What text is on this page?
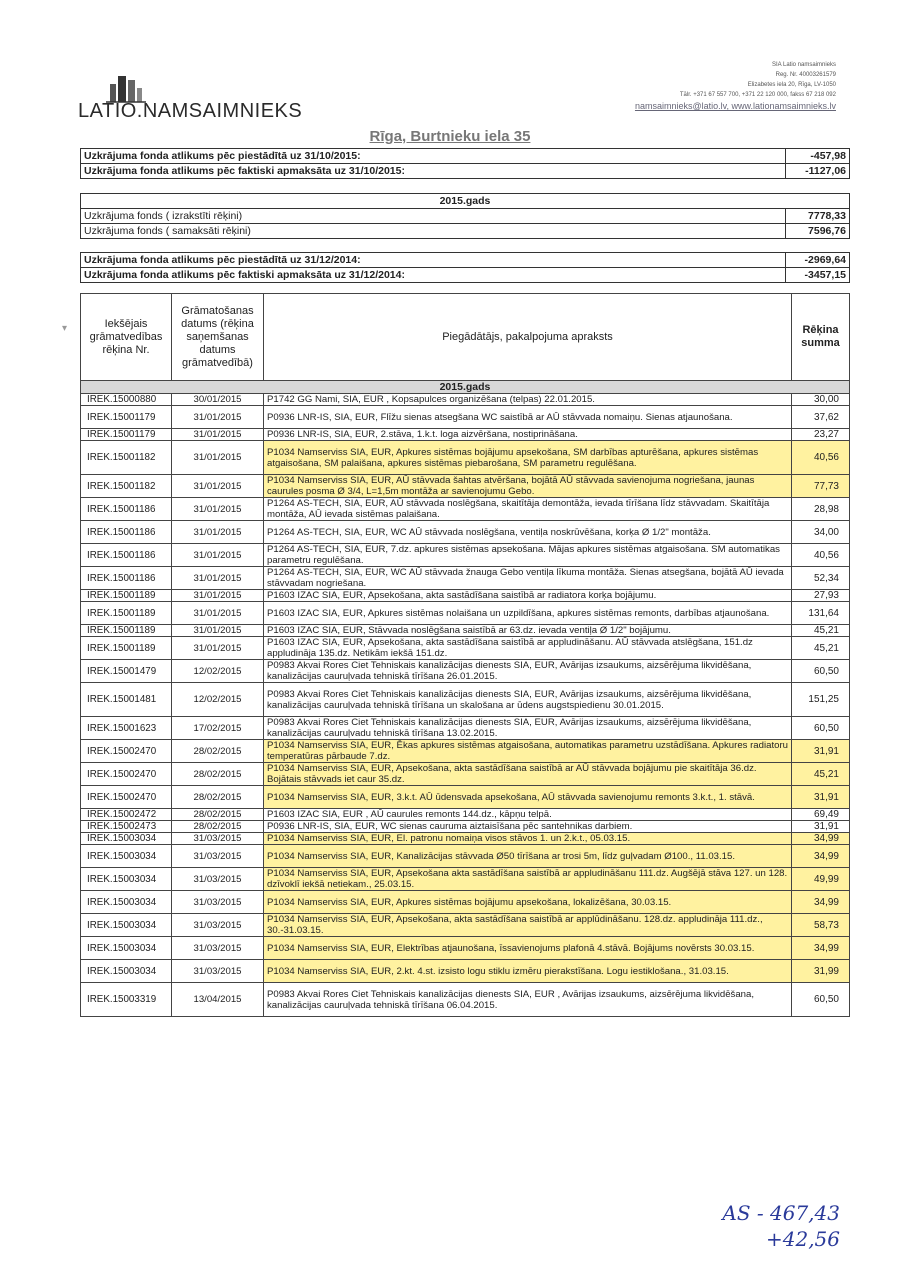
LATIO.NAMSAIMNIEKS
SIA Latio namsaimnieks
Reg. Nr. 40003261579
Elizabetes iela 20, Rīga, LV-1050
Tālr. +371 67 557 700, +371 22 120 000, fakss 67 218 092
namsaimnieks@latio.lv, www.lationamsaimnieks.lv
Rīga, Burtnieku iela 35
Uzkrājuma fonda atlikums pēc piestādītā uz 31/10/2015:	-457,98
Uzkrājuma fonda atlikums pēc faktiski apmaksāta uz 31/10/2015:	-1127,06
2015.gads
Uzkrājuma fonds ( izrakstīti rēķini)	7778,33
Uzkrājuma fonds ( samaksāti rēķini)	7596,76
Uzkrājuma fonda atlikums pēc piestādītā uz 31/12/2014:	-2969,64
Uzkrājuma fonda atlikums pēc faktiski apmaksāta uz 31/12/2014:	-3457,15
▾	Iekšējais grāmatvedības rēķina Nr.	Grāmatošanas datums (rēķina saņemšanas datums grāmatvedībā)	Piegādātājs, pakalpojuma apraksts	Rēķina summa
2015.gads			
IREK.15000880	30/01/2015	P1742 GG Nami, SIA, EUR , Kopsapulces organizēšana (telpas) 22.01.2015.	30,00
IREK.15001179	31/01/2015	P0936 LNR-IS, SIA, EUR, Flīžu sienas atsegšana WC saistībā ar AŪ stāvvada nomaiņu. Sienas atjaunošana.	37,62
IREK.15001179	31/01/2015	P0936 LNR-IS, SIA, EUR, 2.stāva, 1.k.t. loga aizvēršana, nostiprināšana.	23,27
IREK.15001182	31/01/2015	P1034 Namserviss SIA, EUR, Apkures sistēmas bojājumu apsekošana, SM darbības apturēšana, apkures sistēmas atgaisošana, SM palaišana, apkures sistēmas piebarošana, SM parametru regulēšana.	40,56
IREK.15001182	31/01/2015	P1034 Namserviss SIA, EUR, AŪ stāvvada šahtas atvēršana, bojātā AŪ stāvvada savienojuma nogriešana, jaunas caurules posma Ø 3/4, L=1,5m montāža ar savienojumu Gebo.	77,73
IREK.15001186	31/01/2015	P1264 AS-TECH, SIA, EUR, AŪ stāvvada noslēgšana, skaitītāja demontāža, ievada tīrīšana līdz stāvvadam. Skaitītāja montāža, AŪ ievada sistēmas palaišana.	28,98
IREK.15001186	31/01/2015	P1264 AS-TECH, SIA, EUR, WC AŪ stāvvada noslēgšana, ventiļa noskrūvēšana, korķa Ø 1/2" montāža.	34,00
IREK.15001186	31/01/2015	P1264 AS-TECH, SIA, EUR, 7.dz. apkures sistēmas apsekošana. Mājas apkures sistēmas atgaisošana. SM automatikas parametru regulēšana.	40,56
IREK.15001186	31/01/2015	P1264 AS-TECH, SIA, EUR, WC AŪ stāvvada žnauga Gebo ventiļa līkuma montāža. Sienas atsegšana, bojātā AŪ ievada stāvvadam nogriešana.	52,34
IREK.15001189	31/01/2015	P1603 IZAC SIA, EUR, Apsekošana, akta sastādīšana saistībā ar radiatora korķa bojājumu.	27,93
IREK.15001189	31/01/2015	P1603 IZAC SIA, EUR, Apkures sistēmas nolaišana un uzpildīšana, apkures sistēmas remonts, darbības atjaunošana.	131,64
IREK.15001189	31/01/2015	P1603 IZAC SIA, EUR, Stāvvada noslēgšana saistībā ar 63.dz. ievada ventiļa Ø 1/2" bojājumu.	45,21
IREK.15001189	31/01/2015	P1603 IZAC SIA, EUR, Apsekošana, akta sastādīšana saistībā ar appludināšanu. AŪ stāvvada atslēgšana, 151.dz appludināja 135.dz. Netikām iekšā 151.dz.	45,21
IREK.15001479	12/02/2015	P0983 Akvai Rores Ciet Tehniskais kanalizācijas dienests SIA, EUR, Avārijas izsaukums, aizsērējuma likvidēšana, kanalizācijas cauruļvada tehniskā tīrīšana 26.01.2015.	60,50
IREK.15001481	12/02/2015	P0983 Akvai Rores Ciet Tehniskais kanalizācijas dienests SIA, EUR, Avārijas izsaukums, aizsērējuma likvidēšana, kanalizācijas cauruļvada tehniskā tīrīšana un skalošana ar ūdens augstspiedienu 30.01.2015.	151,25
IREK.15001623	17/02/2015	P0983 Akvai Rores Ciet Tehniskais kanalizācijas dienests SIA, EUR, Avārijas izsaukums, aizsērējuma likvidēšana, kanalizācijas cauruļvadu tehniskā tīrīšana 13.02.2015.	60,50
IREK.15002470	28/02/2015	P1034 Namserviss SIA, EUR, Ēkas apkures sistēmas atgaisošana, automatikas parametru uzstādīšana. Apkures radiatoru temperatūras pārbaude 7.dz.	31,91
IREK.15002470	28/02/2015	P1034 Namserviss SIA, EUR, Apsekošana, akta sastādīšana saistībā ar AŪ stāvvada bojājumu pie skaitītāja 36.dz. Bojātais stāvvads iet caur 35.dz.	45,21
IREK.15002470	28/02/2015	P1034 Namserviss SIA, EUR, 3.k.t. AŪ ūdensvada apsekošana, AŪ stāvvada savienojumu remonts 3.k.t., 1. stāvā.	31,91
IREK.15002472	28/02/2015	P1603 IZAC SIA, EUR , AŪ caurules remonts 144.dz., kāpņu telpā.	69,49
IREK.15002473	28/02/2015	P0936 LNR-IS, SIA, EUR, WC sienas caurumа aiztaisīšana pēc santehnikas darbiem.	31,91
IREK.15003034	31/03/2015	P1034 Namserviss SIA, EUR, El. patronu nomaiņa visos stāvos 1. un 2.k.t., 05.03.15.	34,99
IREK.15003034	31/03/2015	P1034 Namserviss SIA, EUR, Kanalizācijas stāvvada Ø50 tīrīšana ar trosi 5m, līdz guļvadam Ø100., 11.03.15.	34,99
IREK.15003034	31/03/2015	P1034 Namserviss SIA, EUR, Apsekošana akta sastādīšana saistībā ar appludināšanu 111.dz. Augšējā stāva 127. un 128. dzīvoklī iekšā netiekam., 25.03.15.	49,99
IREK.15003034	31/03/2015	P1034 Namserviss SIA, EUR, Apkures sistēmas bojājumu apsekošana, lokalizēšana, 30.03.15.	34,99
IREK.15003034	31/03/2015	P1034 Namserviss SIA, EUR, Apsekošana, akta sastādīšana saistībā ar applūdināšanu. 128.dz. appludināja 111.dz., 30.-31.03.15.	58,73
IREK.15003034	31/03/2015	P1034 Namserviss SIA, EUR, Elektrības atjaunošana, īssavienojums plafonā 4.stāvā. Bojājums novērsts 30.03.15.	34,99
IREK.15003034	31/03/2015	P1034 Namserviss SIA, EUR, 2.kt. 4.st. izsisto logu stiklu izmēru pierakstīšana. Logu iestiklošana., 31.03.15.	31,99
IREK.15003319	13/04/2015	P0983 Akvai Rores Ciet Tehniskais kanalizācijas dienests SIA, EUR , Avārijas izsaukums, aizsērējuma likvidēšana, kanalizācijas cauruļvada tehniskā tīrīšana 06.04.2015.	60,50
AS - 467,43
+42,56
